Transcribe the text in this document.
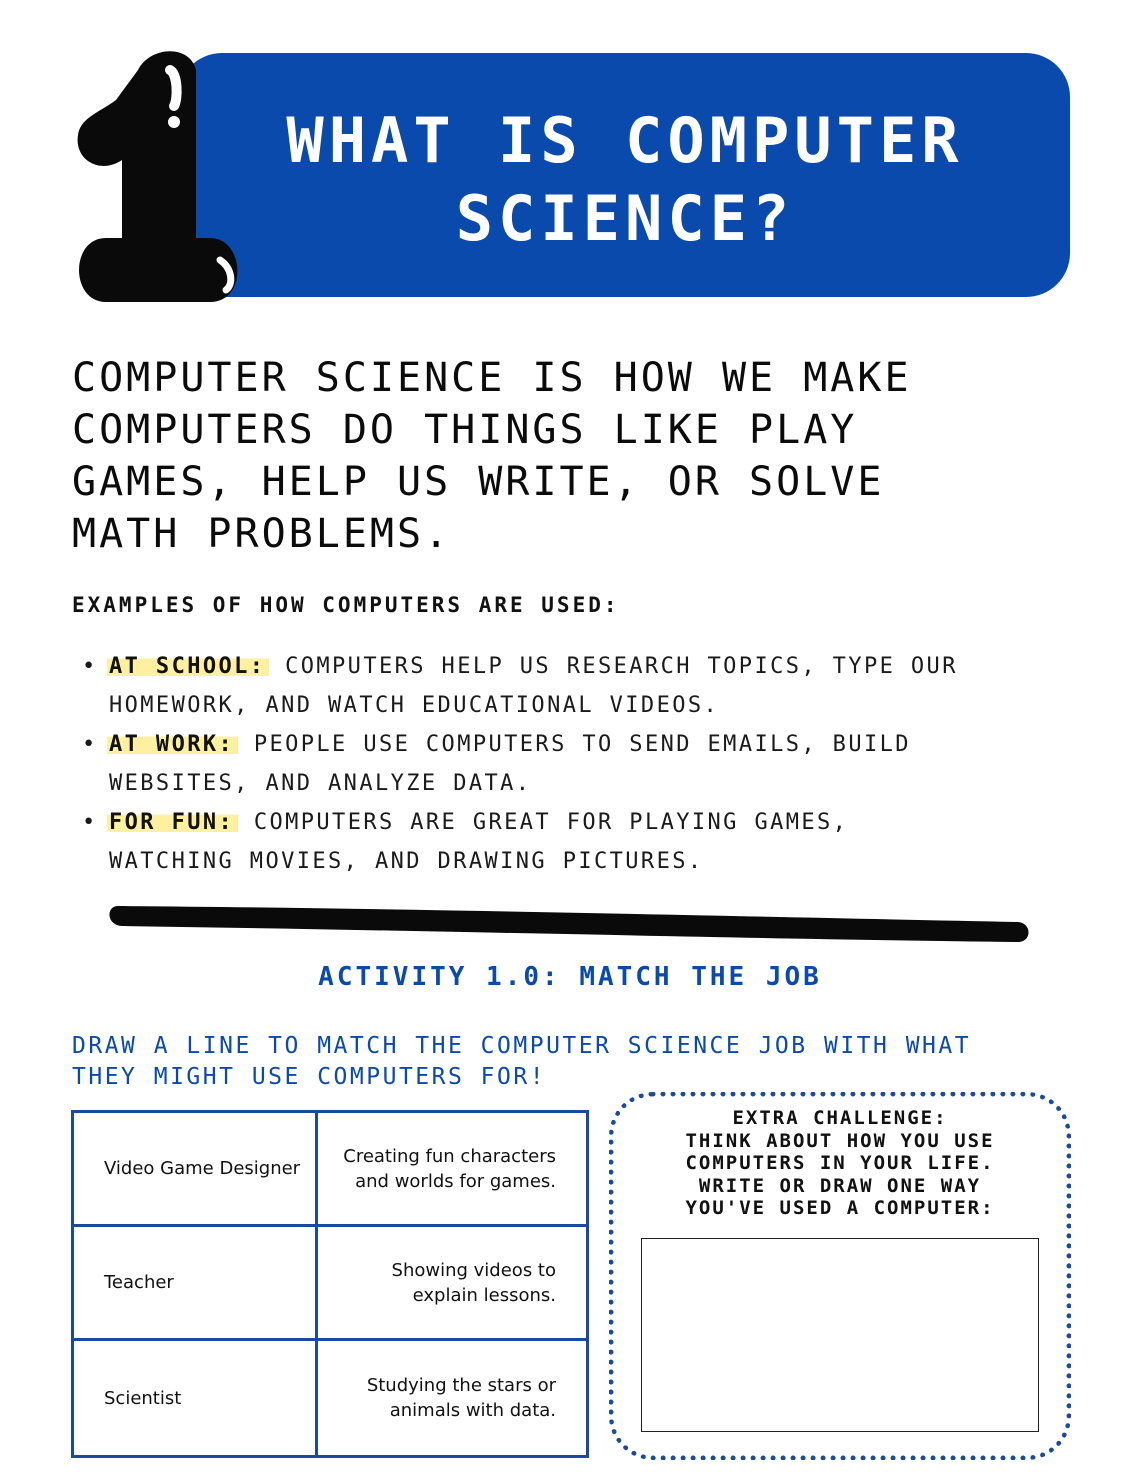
WHAT IS COMPUTER
SCIENCE?
COMPUTER SCIENCE IS HOW WE MAKE
COMPUTERS DO THINGS LIKE PLAY
GAMES, HELP US WRITE, OR SOLVE
MATH PROBLEMS.
EXAMPLES OF HOW COMPUTERS ARE USED:
• AT SCHOOL: COMPUTERS HELP US RESEARCH TOPICS, TYPE OUR
HOMEWORK, AND WATCH EDUCATIONAL VIDEOS.
• AT WORK: PEOPLE USE COMPUTERS TO SEND EMAILS, BUILD
WEBSITES, AND ANALYZE DATA.
• FOR FUN: COMPUTERS ARE GREAT FOR PLAYING GAMES,
WATCHING MOVIES, AND DRAWING PICTURES.
ACTIVITY 1.0: MATCH THE JOB
DRAW A LINE TO MATCH THE COMPUTER SCIENCE JOB WITH WHAT
THEY MIGHT USE COMPUTERS FOR!
Video Game Designer
Creating fun characters
and worlds for games.
Teacher
Showing videos to
explain lessons.
Scientist
Studying the stars or
animals with data.
EXTRA CHALLENGE:
THINK ABOUT HOW YOU USE
COMPUTERS IN YOUR LIFE.
WRITE OR DRAW ONE WAY
YOU'VE USED A COMPUTER:
